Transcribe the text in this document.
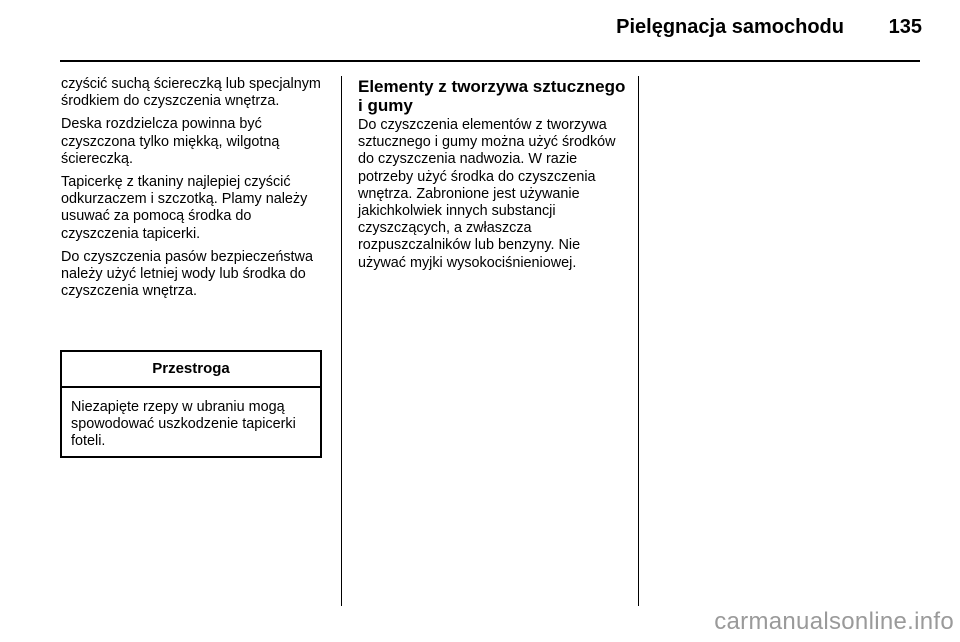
Pielęgnacja samochodu 135

czyścić suchą ściereczką lub specjalnym środkiem do czyszczenia wnętrza.

Deska rozdzielcza powinna być czyszczona tylko miękką, wilgotną ściereczką.

Tapicerkę z tkaniny najlepiej czyścić odkurzaczem i szczotką. Plamy należy usuwać za pomocą środka do czyszczenia tapicerki.

Do czyszczenia pasów bezpieczeństwa należy użyć letniej wody lub środka do czyszczenia wnętrza.

Przestroga
Niezapięte rzepy w ubraniu mogą spowodować uszkodzenie tapicerki foteli.
Elementy z tworzywa sztucznego i gumy

Do czyszczenia elementów z tworzywa sztucznego i gumy można użyć środków do czyszczenia nadwozia. W razie potrzeby użyć środka do czyszczenia wnętrza. Zabronione jest używanie jakichkolwiek innych substancji czyszczących, a zwłaszcza rozpuszczalników lub benzyny. Nie używać myjki wysokociśnieniowej.

carmanualsonline.info
